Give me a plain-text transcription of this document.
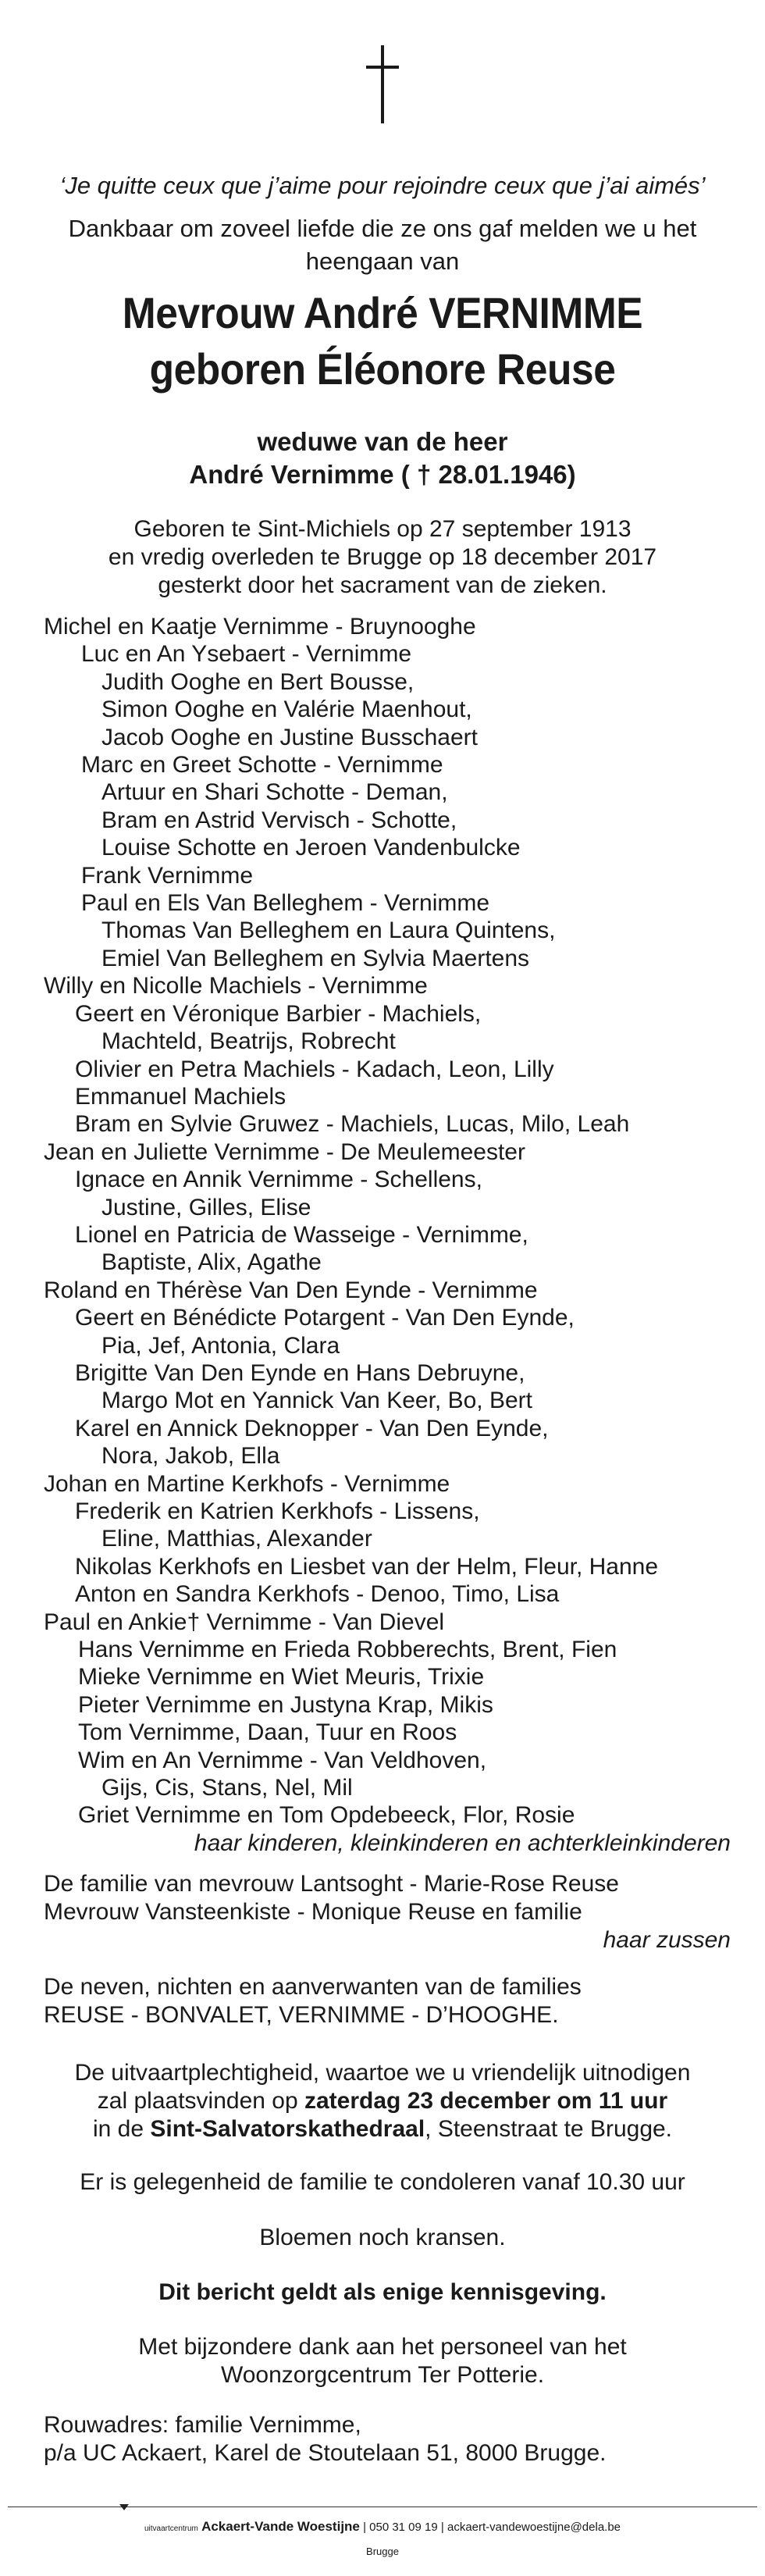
‘Je quitte ceux que j’aime pour rejoindre ceux que j’ai aimés’
Dankbaar om zoveel liefde die ze ons gaf melden we u het
heengaan van
Mevrouw André VERNIMME
geboren Éléonore Reuse
weduwe van de heer
André Vernimme ( † 28.01.1946)
Geboren te Sint-Michiels op 27 september 1913
en vredig overleden te Brugge op 18 december 2017
gesterkt door het sacrament van de zieken.
Michel en Kaatje Vernimme - Bruynooghe
Luc en An Ysebaert - Vernimme
Judith Ooghe en Bert Bousse,
Simon Ooghe en Valérie Maenhout,
Jacob Ooghe en Justine Busschaert
Marc en Greet Schotte - Vernimme
Artuur en Shari Schotte - Deman,
Bram en Astrid Vervisch - Schotte,
Louise Schotte en Jeroen Vandenbulcke
Frank Vernimme
Paul en Els Van Belleghem - Vernimme
Thomas Van Belleghem en Laura Quintens,
Emiel Van Belleghem en Sylvia Maertens
Willy en Nicolle Machiels - Vernimme
Geert en Véronique Barbier - Machiels,
Machteld, Beatrijs, Robrecht
Olivier en Petra Machiels - Kadach, Leon, Lilly
Emmanuel Machiels
Bram en Sylvie Gruwez - Machiels, Lucas, Milo, Leah
Jean en Juliette Vernimme - De Meulemeester
Ignace en Annik Vernimme - Schellens,
Justine, Gilles, Elise
Lionel en Patricia de Wasseige - Vernimme,
Baptiste, Alix, Agathe
Roland en Thérèse Van Den Eynde - Vernimme
Geert en Bénédicte Potargent - Van Den Eynde,
Pia, Jef, Antonia, Clara
Brigitte Van Den Eynde en Hans Debruyne,
Margo Mot en Yannick Van Keer, Bo, Bert
Karel en Annick Deknopper - Van Den Eynde,
Nora, Jakob, Ella
Johan en Martine Kerkhofs - Vernimme
Frederik en Katrien Kerkhofs - Lissens,
Eline, Matthias, Alexander
Nikolas Kerkhofs en Liesbet van der Helm, Fleur, Hanne
Anton en Sandra Kerkhofs - Denoo, Timo, Lisa
Paul en Ankie† Vernimme - Van Dievel
Hans Vernimme en Frieda Robberechts, Brent, Fien
Mieke Vernimme en Wiet Meuris, Trixie
Pieter Vernimme en Justyna Krap, Mikis
Tom Vernimme, Daan, Tuur en Roos
Wim en An Vernimme - Van Veldhoven,
Gijs, Cis, Stans, Nel, Mil
Griet Vernimme en Tom Opdebeeck, Flor, Rosie
haar kinderen, kleinkinderen en achterkleinkinderen
De familie van mevrouw Lantsoght - Marie-Rose Reuse
Mevrouw Vansteenkiste - Monique Reuse en familie
haar zussen
De neven, nichten en aanverwanten van de families
REUSE - BONVALET, VERNIMME - D’HOOGHE.
De uitvaartplechtigheid, waartoe we u vriendelijk uitnodigen
zal plaatsvinden op zaterdag 23 december om 11 uur
in de Sint-Salvatorskathedraal, Steenstraat te Brugge.
Er is gelegenheid de familie te condoleren vanaf 10.30 uur
Bloemen noch kransen.
Dit bericht geldt als enige kennisgeving.
Met bijzondere dank aan het personeel van het
Woonzorgcentrum Ter Potterie.
Rouwadres: familie Vernimme,
p/a UC Ackaert, Karel de Stoutelaan 51, 8000 Brugge.
uitvaartcentrum Ackaert-Vande Woestijne | 050 31 09 19 | ackaert-vandewoestijne@dela.be
Brugge
